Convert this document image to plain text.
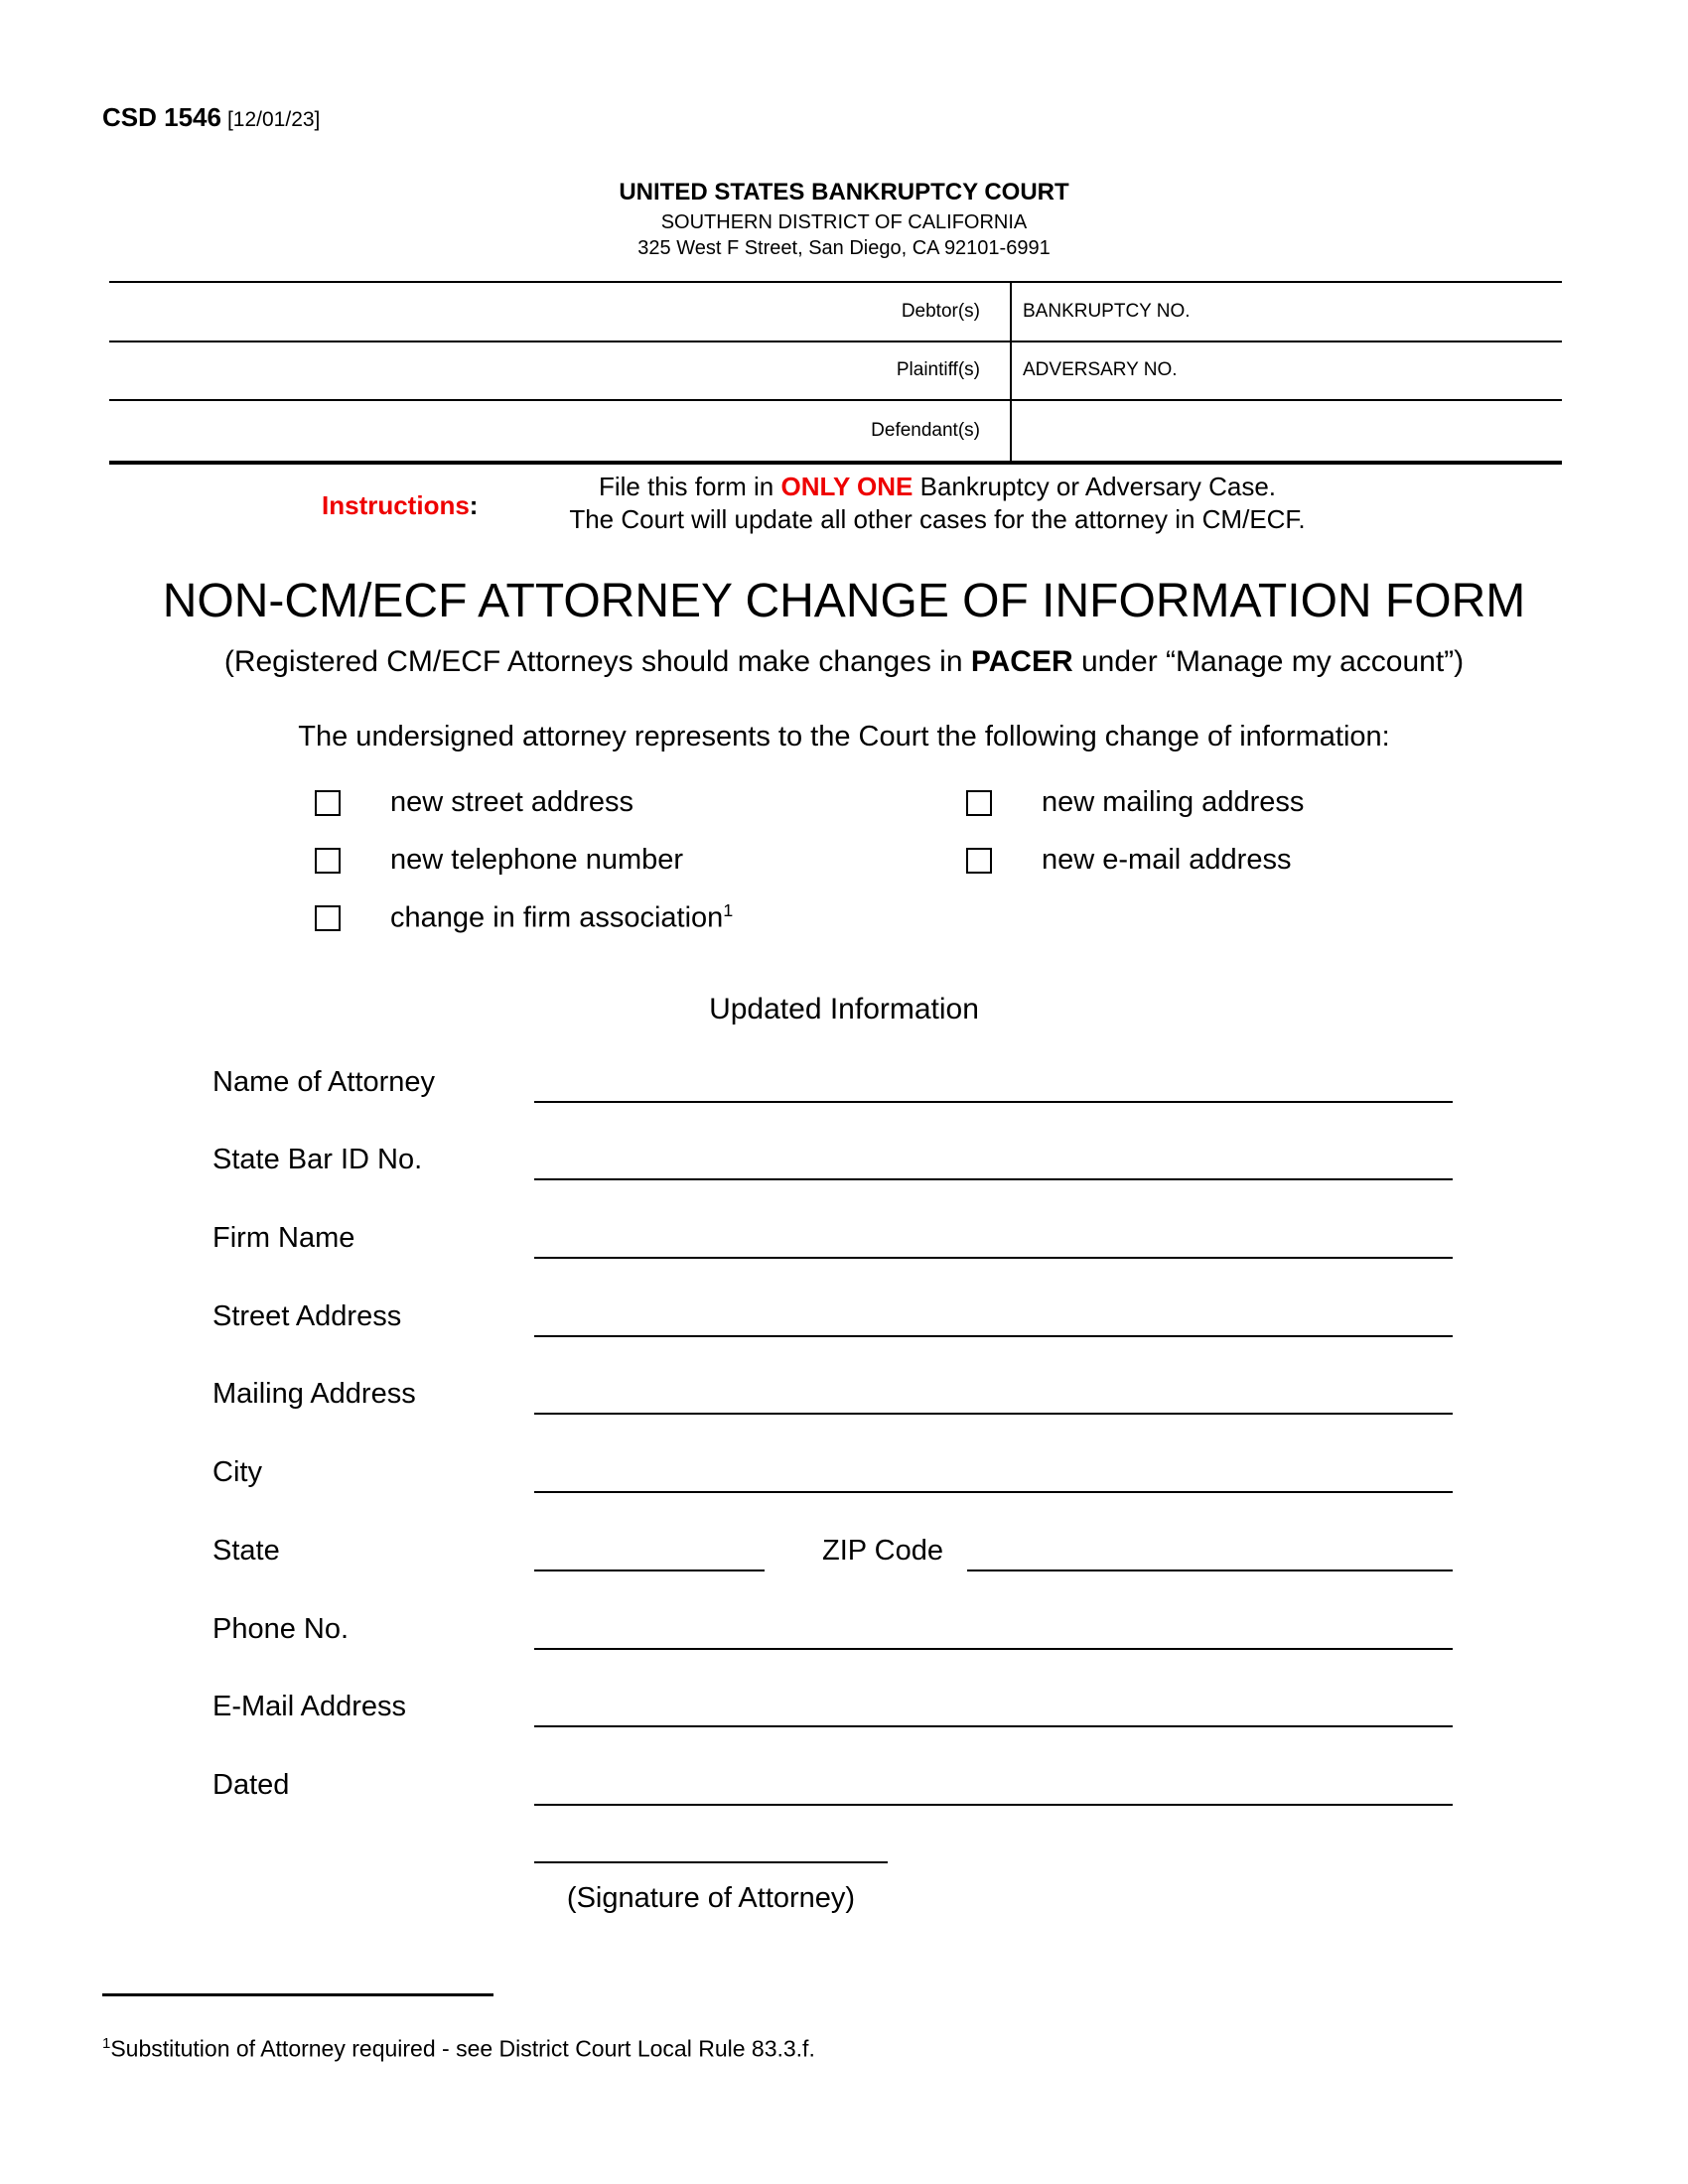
CSD 1546 [12/01/23]
UNITED STATES BANKRUPTCY COURT
SOUTHERN DISTRICT OF CALIFORNIA
325 West F Street, San Diego, CA 92101-6991
Debtor(s) BANKRUPTCY NO.
Plaintiff(s) ADVERSARY NO.
Defendant(s)
Instructions:
File this form in ONLY ONE Bankruptcy or Adversary Case.
The Court will update all other cases for the attorney in CM/ECF.
NON-CM/ECF ATTORNEY CHANGE OF INFORMATION FORM
(Registered CM/ECF Attorneys should make changes in PACER under “Manage my account”)
The undersigned attorney represents to the Court the following change of information:
new street address
new telephone number
change in firm association$^1$
new mailing address
new e-mail address
Updated Information
Name of Attorney
State Bar ID No.
Firm Name
Street Address
Mailing Address
City
State	ZIP Code
Phone No.
E-Mail Address
Dated
(Signature of Attorney)
$^1$Substitution of Attorney required - see District Court Local Rule 83.3.f.
